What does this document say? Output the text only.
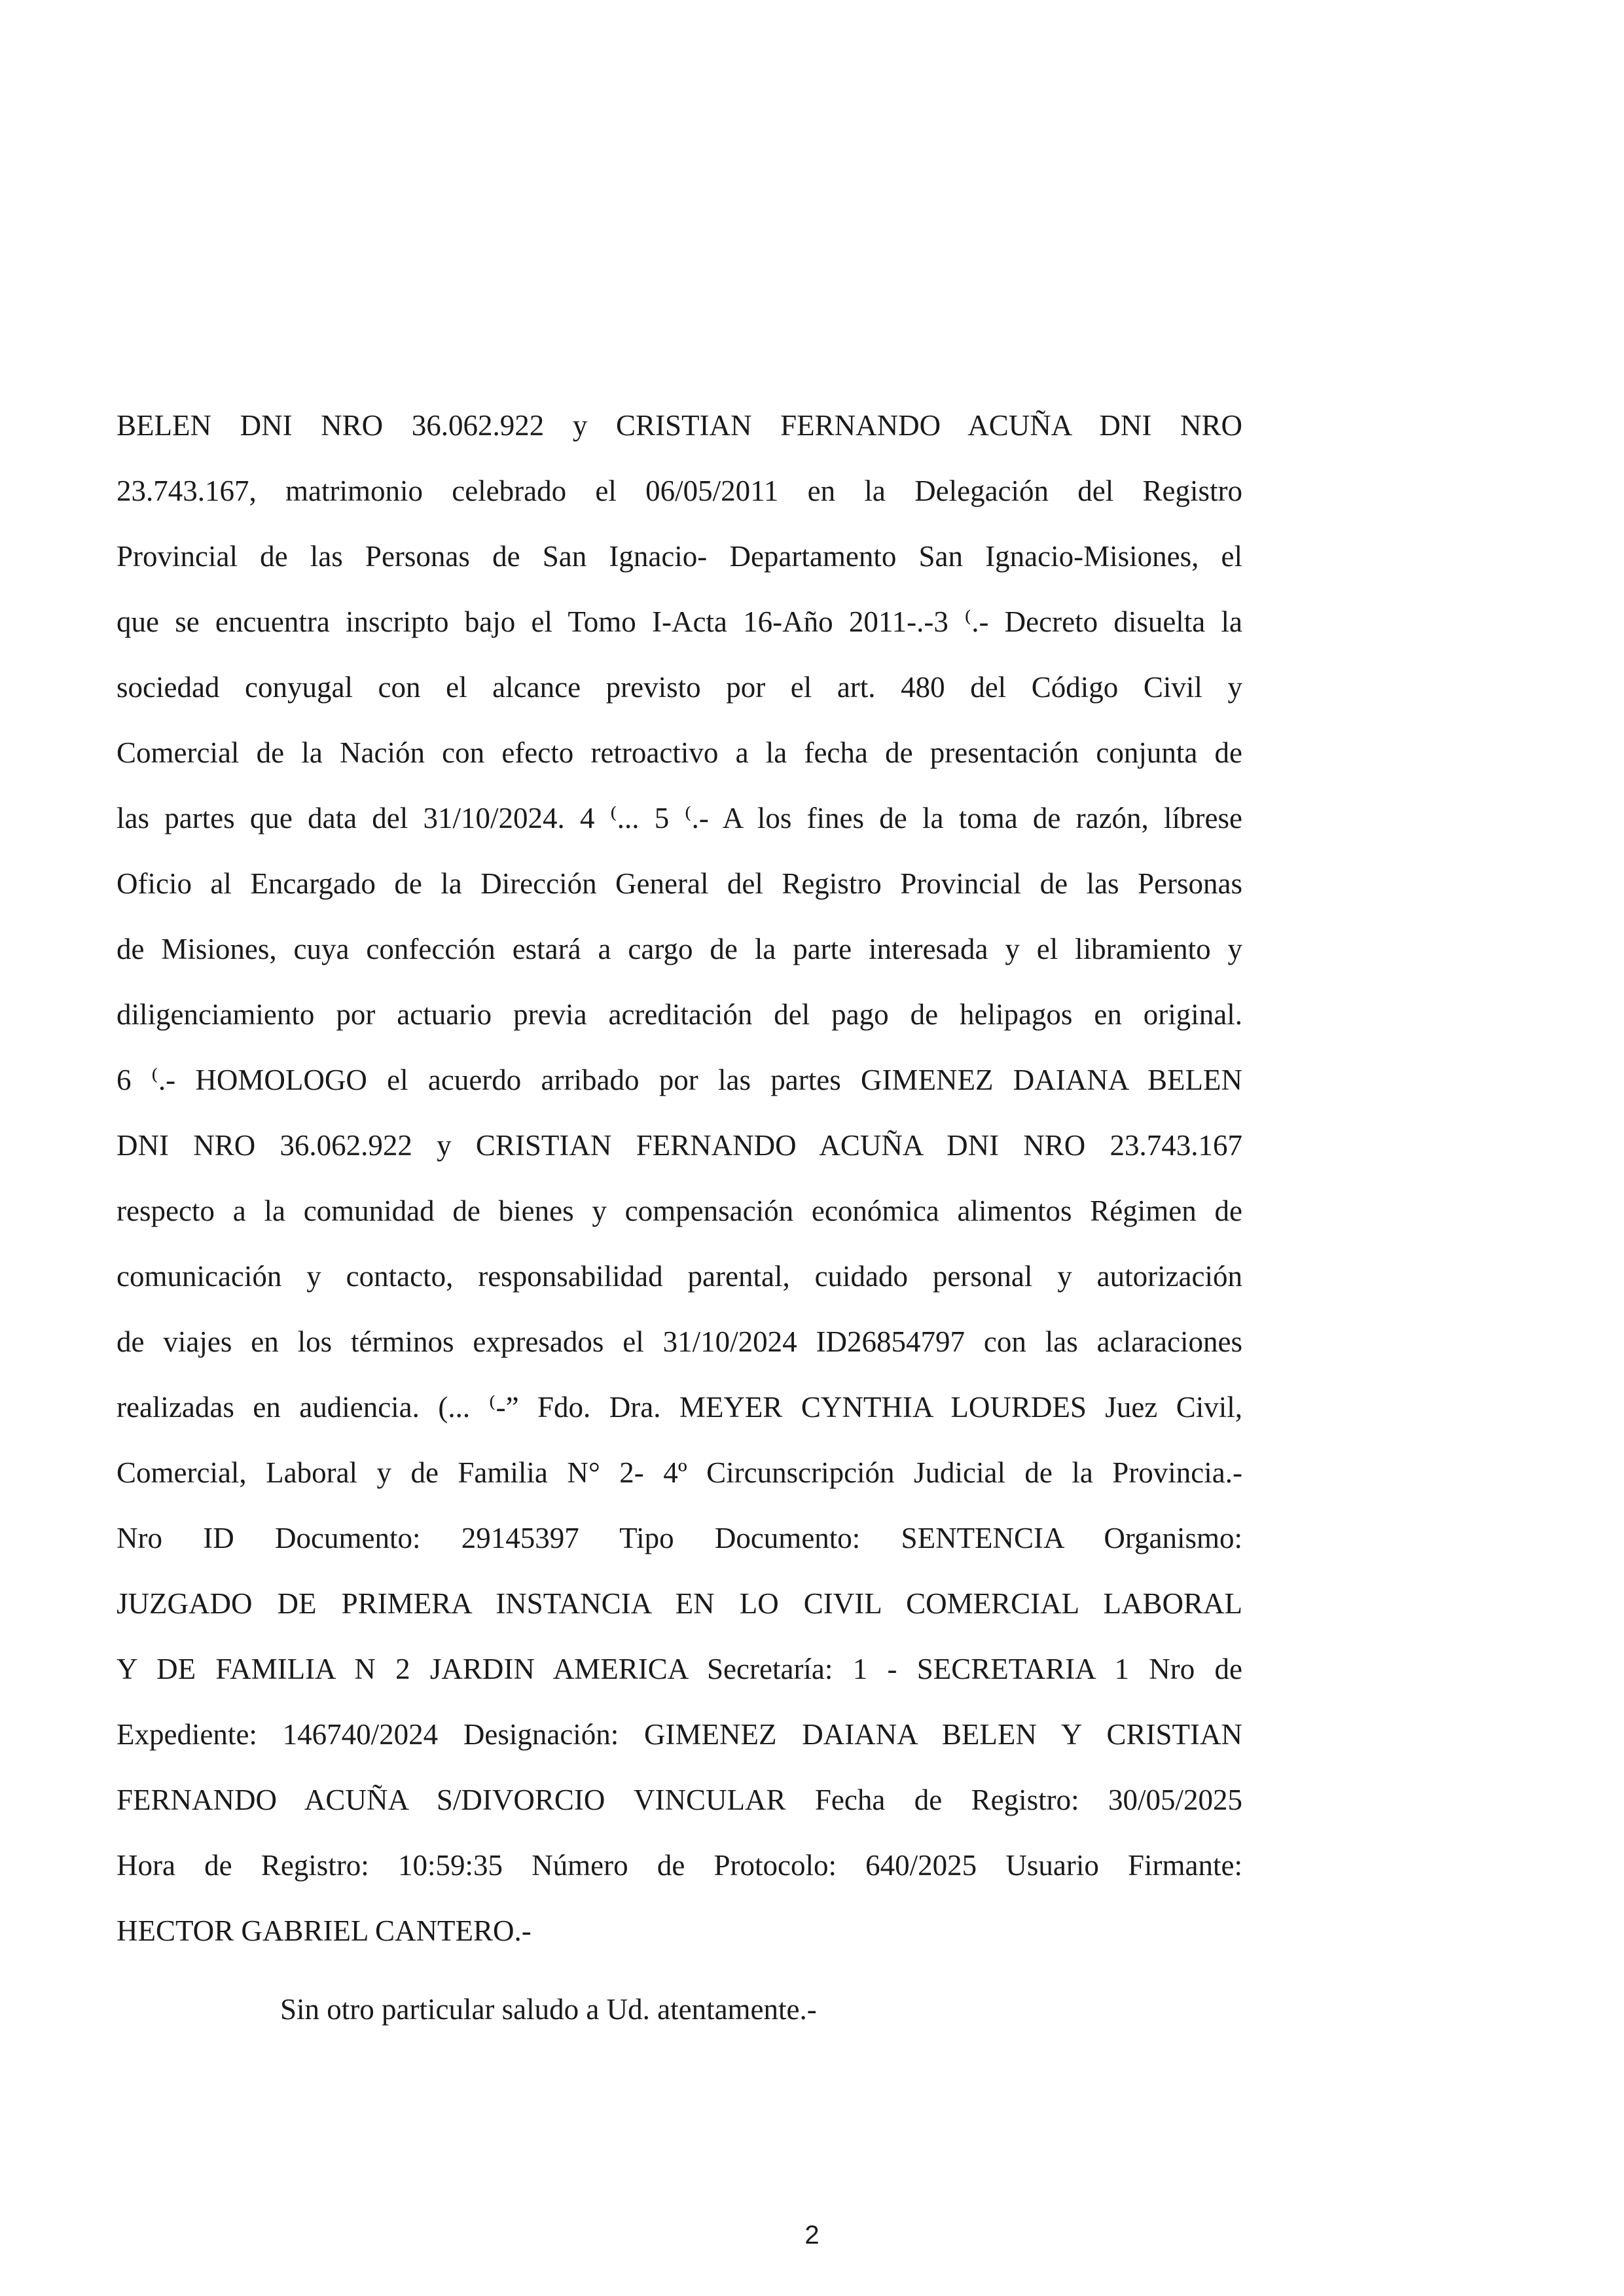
BELEN DNI NRO 36.062.922 y CRISTIAN FERNANDO ACUÑA DNI NRO
23.743.167, matrimonio celebrado el 06/05/2011 en la Delegación del Registro
Provincial de las Personas de San Ignacio- Departamento San Ignacio-Misiones, el
que se encuentra inscripto bajo el Tomo I-Acta 16-Año 2011-.-3 ⁽.- Decreto disuelta la
sociedad conyugal con el alcance previsto por el art. 480 del Código Civil y
Comercial de la Nación con efecto retroactivo a la fecha de presentación conjunta de
las partes que data del 31/10/2024. 4 ⁽... 5 ⁽.- A los fines de la toma de razón, líbrese
Oficio al Encargado de la Dirección General del Registro Provincial de las Personas
de Misiones, cuya confección estará a cargo de la parte interesada y el libramiento y
diligenciamiento por actuario previa acreditación del pago de helipagos en original.
6 ⁽.- HOMOLOGO el acuerdo arribado por las partes GIMENEZ DAIANA BELEN
DNI NRO 36.062.922 y CRISTIAN FERNANDO ACUÑA DNI NRO 23.743.167
respecto a la comunidad de bienes y compensación económica alimentos Régimen de
comunicación y contacto, responsabilidad parental, cuidado personal y autorización
de viajes en los términos expresados el 31/10/2024 ID26854797 con las aclaraciones
realizadas en audiencia. (... ⁽-” Fdo. Dra. MEYER CYNTHIA LOURDES Juez Civil,
Comercial, Laboral y de Familia N° 2- 4º Circunscripción Judicial de la Provincia.-
Nro ID Documento: 29145397 Tipo Documento: SENTENCIA Organismo:
JUZGADO DE PRIMERA INSTANCIA EN LO CIVIL COMERCIAL LABORAL
Y DE FAMILIA N 2 JARDIN AMERICA Secretaría: 1 - SECRETARIA 1 Nro de
Expediente: 146740/2024 Designación: GIMENEZ DAIANA BELEN Y CRISTIAN
FERNANDO ACUÑA S/DIVORCIO VINCULAR Fecha de Registro: 30/05/2025
Hora de Registro: 10:59:35 Número de Protocolo: 640/2025 Usuario Firmante:
HECTOR GABRIEL CANTERO.-
Sin otro particular saludo a Ud. atentamente.-
2
